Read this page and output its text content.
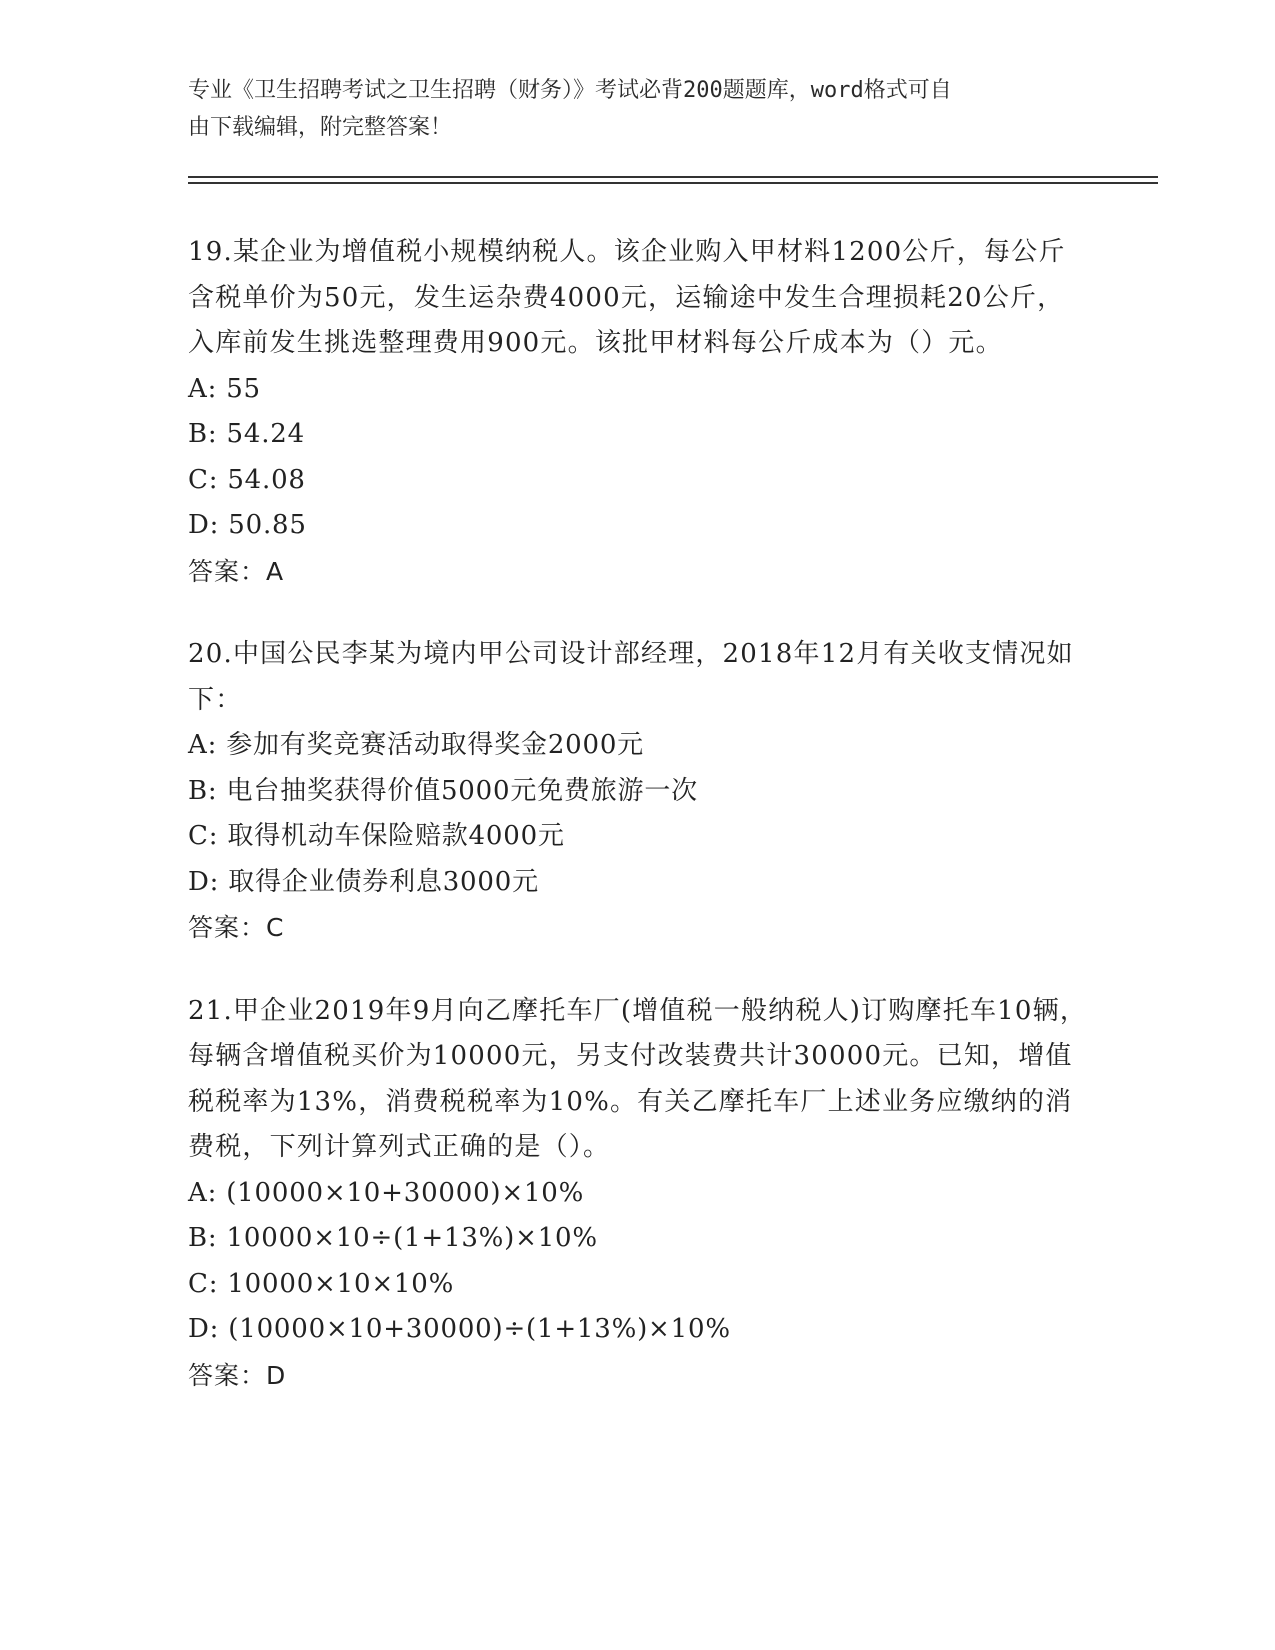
专业《卫生招聘考试之卫生招聘（财务）》考试必背200题题库，word格式可自
由下载编辑，附完整答案！

19.某企业为增值税小规模纳税人。该企业购入甲材料1200公斤，每公斤含税单价为50元，发生运杂费4000元，运输途中发生合理损耗20公斤，入库前发生挑选整理费用900元。该批甲材料每公斤成本为（）元。

A: 55

B: 54.24

C: 54.08

D: 50.85

答案：A

20.中国公民李某为境内甲公司设计部经理，2018年12月有关收支情况如下：

A: 参加有奖竞赛活动取得奖金2000元

B: 电台抽奖获得价值5000元免费旅游一次

C: 取得机动车保险赔款4000元

D: 取得企业债券利息3000元

答案：C

21.甲企业2019年9月向乙摩托车厂(增值税一般纳税人)订购摩托车10辆，每辆含增值税买价为10000元，另支付改装费共计30000元。已知，增值税税率为13%，消费税税率为10%。有关乙摩托车厂上述业务应缴纳的消费税，下列计算列式正确的是（）。

A: (10000×10+30000)×10%

B: 10000×10÷(1+13%)×10%

C: 10000×10×10%

D: (10000×10+30000)÷(1+13%)×10%

答案：D
